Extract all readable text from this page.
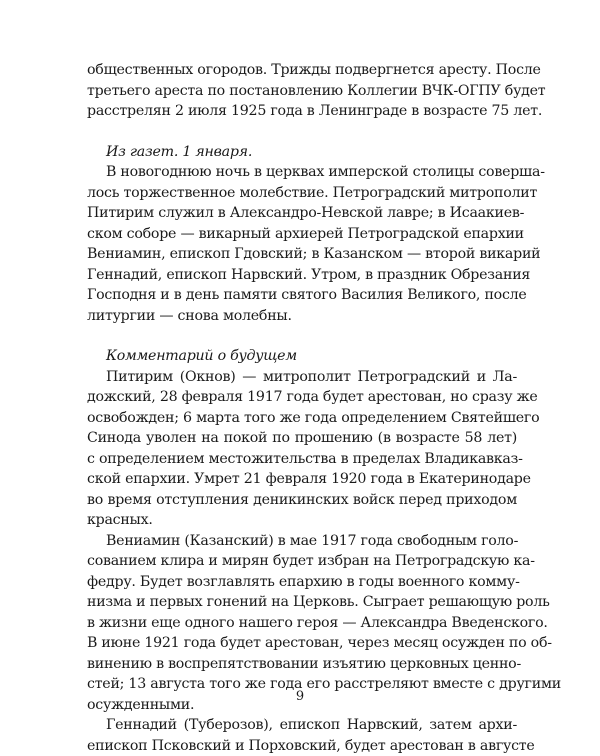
общественных огородов. Трижды подвергнется аресту. После
третьего ареста по постановлению Коллегии ВЧК-ОГПУ будет
расстрелян 2 июля 1925 года в Ленинграде в возрасте 75 лет.
Из газет. 1 января.
В новогоднюю ночь в церквах имперской столицы соверша-
лось торжественное молебствие. Петроградский митрополит
Питирим служил в Александро-Невской лавре; в Исаакиев-
ском соборе — викарный архиерей Петроградской епархии
Вениамин, епископ Гдовский; в Казанском — второй викарий
Геннадий, епископ Нарвский. Утром, в праздник Обрезания
Господня и в день памяти святого Василия Великого, после
литургии — снова молебны.
Комментарий о будущем
Питирим (Окнов) — митрополит Петроградский и Ла-
дожский, 28 февраля 1917 года будет арестован, но сразу же
освобожден; 6 марта того же года определением Святейшего
Синода уволен на покой по прошению (в возрасте 58 лет)
с определением местожительства в пределах Владикавказ-
ской епархии. Умрет 21 февраля 1920 года в Екатеринодаре
во время отступления деникинских войск перед приходом
красных.
Вениамин (Казанский) в мае 1917 года свободным голо-
сованием клира и мирян будет избран на Петроградскую ка-
федру. Будет возглавлять епархию в годы военного комму-
низма и первых гонений на Церковь. Сыграет решающую роль
в жизни еще одного нашего героя — Александра Введенского.
В июне 1921 года будет арестован, через месяц осужден по об-
винению в воспрепятствовании изъятию церковных ценно-
стей; 13 августа того же года его расстреляют вместе с другими
осужденными.
Геннадий (Туберозов), епископ Нарвский, затем архи-
епископ Псковский и Порховский, будет арестован в августе
9
